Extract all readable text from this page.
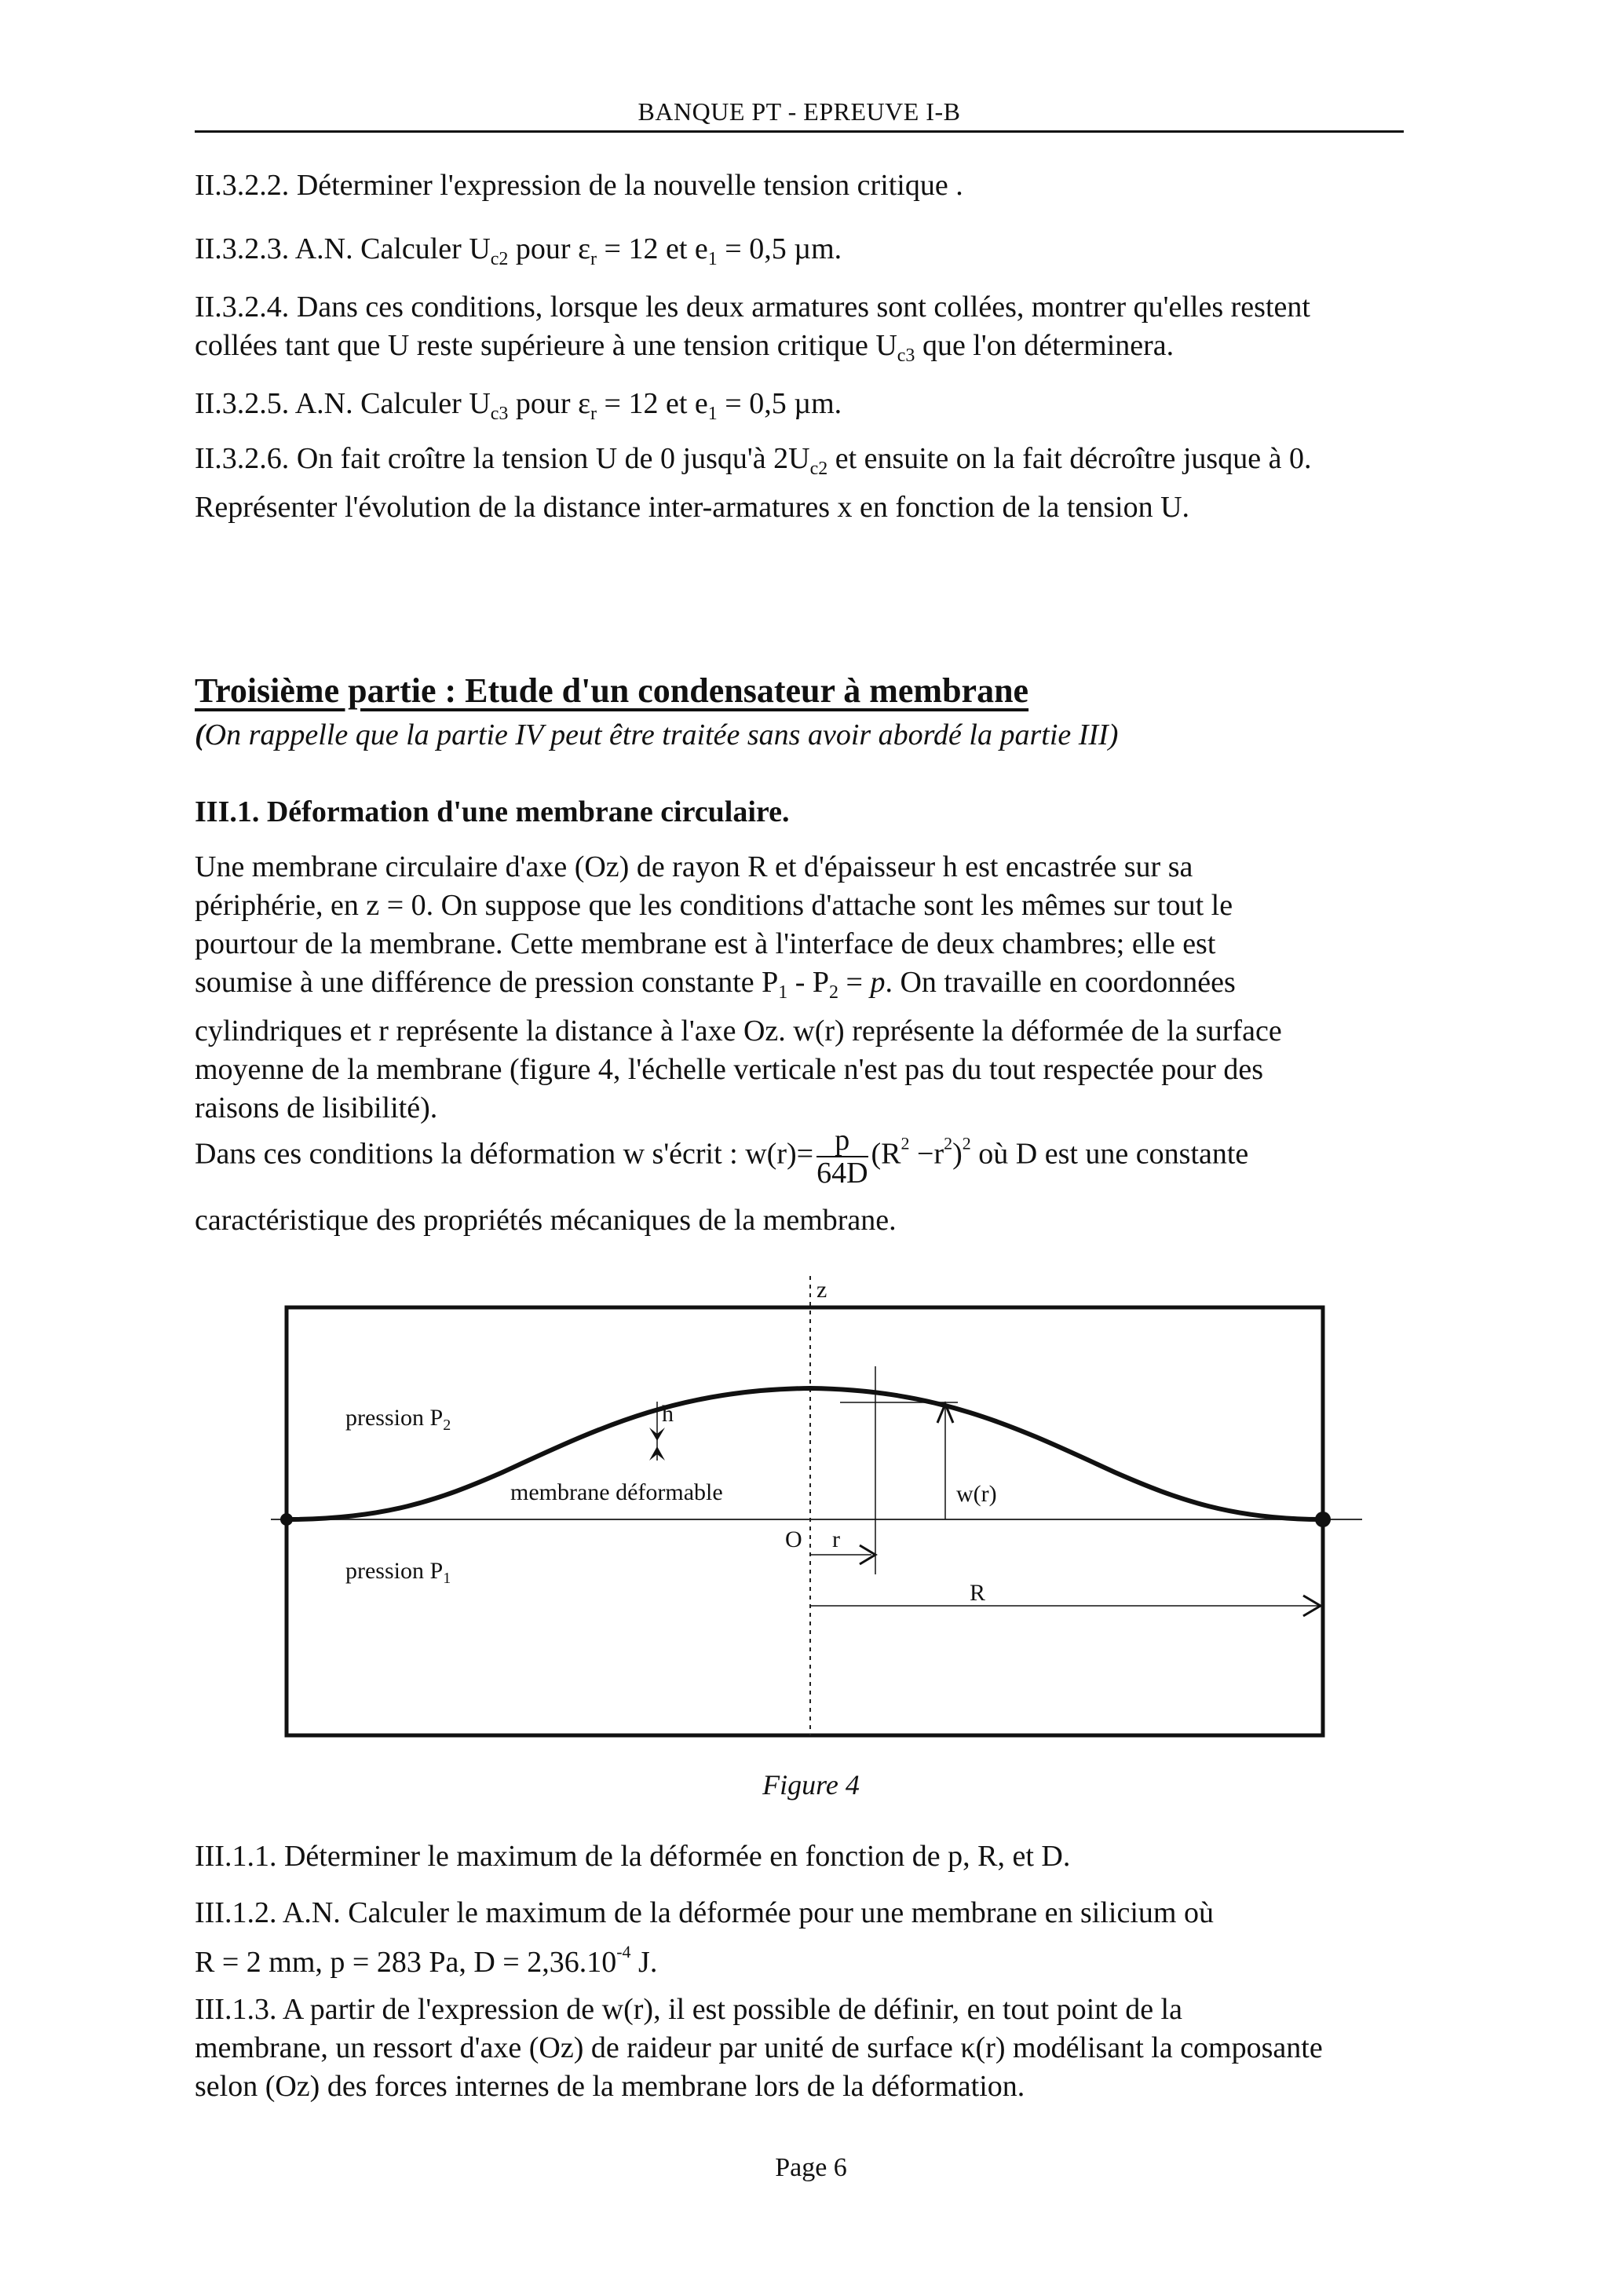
BANQUE PT - EPREUVE I-B
II.3.2.2. Déterminer l'expression de la nouvelle tension critique .
II.3.2.3. A.N. Calculer $U_{c2}$ pour $\varepsilon_r = 12$ et $e_1 = 0,5$ µm.
II.3.2.4. Dans ces conditions, lorsque les deux armatures sont collées, montrer qu'elles restent
collées tant que U reste supérieure à une tension critique $U_{c3}$ que l'on déterminera.
II.3.2.5. A.N. Calculer $U_{c3}$ pour $\varepsilon_r = 12$ et $e_1 = 0,5$ µm.
II.3.2.6. On fait croître la tension U de 0 jusqu'à $2U_{c2}$ et ensuite on la fait décroître jusque à 0.
Représenter l'évolution de la distance inter-armatures x en fonction de la tension U.
Troisième partie : Etude d'un condensateur à membrane
(On rappelle que la partie IV peut être traitée sans avoir abordé la partie III)
III.1. Déformation d'une membrane circulaire.
Une membrane circulaire d'axe (Oz) de rayon R et d'épaisseur h est encastrée sur sa
périphérie, en z = 0. On suppose que les conditions d'attache sont les mêmes sur tout le
pourtour de la membrane. Cette membrane est à l'interface de deux chambres; elle est
soumise à une différence de pression constante $P_1 - P_2 = p$. On travaille en coordonnées
cylindriques et r représente la distance à l'axe Oz. w(r) représente la déformée de la surface
moyenne de la membrane (figure 4, l'échelle verticale n'est pas du tout respectée pour des
raisons de lisibilité).
Dans ces conditions la déformation w s'écrit : $w(r)= \frac{p}{64D} (R^2 -r^2)^2$ où D est une constante
caractéristique des propriétés mécaniques de la membrane.
z
h
pression $P_2$
pression $P_1$
membrane déformable
O r
R
w(r)
Figure 4
III.1.1. Déterminer le maximum de la déformée en fonction de p, R, et D.
III.1.2. A.N. Calculer le maximum de la déformée pour une membrane en silicium où
R = 2 mm, p = 283 Pa, $D = 2,36.10^{-4}$ J.
III.1.3. A partir de l'expression de w(r), il est possible de définir, en tout point de la
membrane, un ressort d'axe (Oz) de raideur par unité de surface κ(r) modélisant la composante
selon (Oz) des forces internes de la membrane lors de la déformation.
Page 6
